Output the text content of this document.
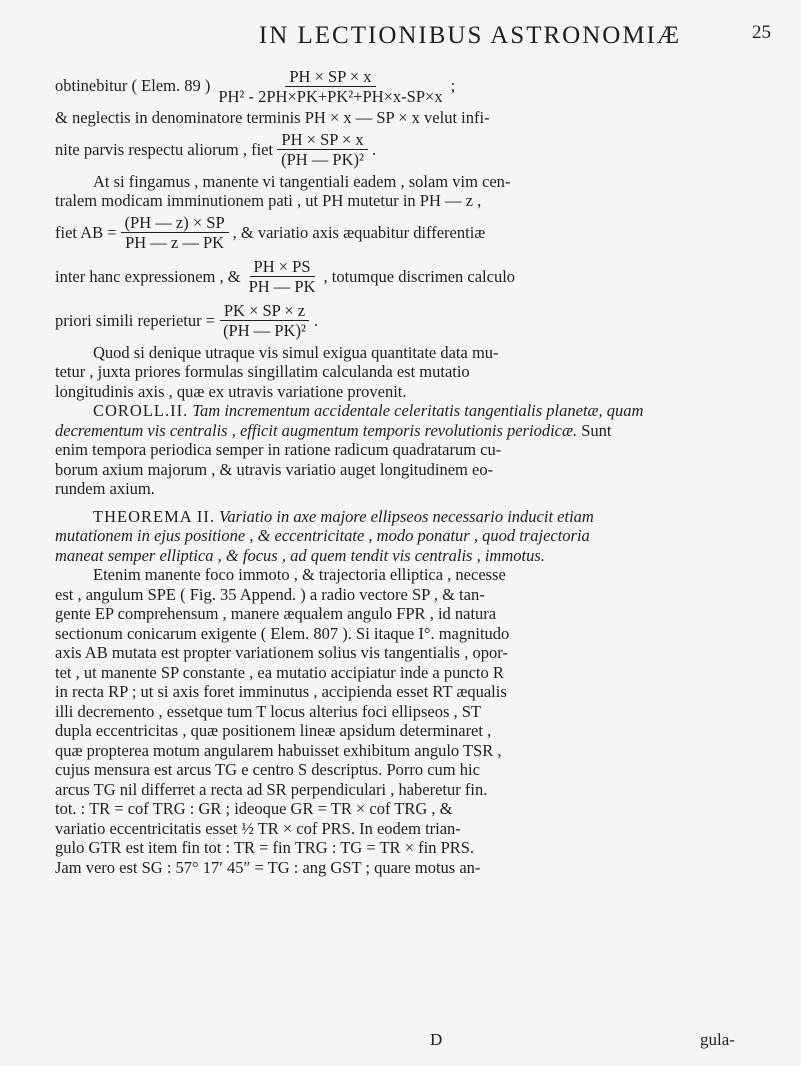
IN LECTIONIBUS ASTRONOMIÆ	25
obtinebitur ( Elem. 89 ) $\frac{PH \times SP \times x}{\text{PH² - 2PH×PK+PK²+PH×x-SP×x}}$ ;
& neglectis in denominatore terminis PH × x — SP × x velut infi-
nite parvis respectu aliorum , fiet $\frac{PH \times SP \times x}{\text{(PH — PK)²}}$ .
At si fingamus , manente vi tangentiali eadem , solam vim cen-
tralem modicam imminutionem pati , ut PH mutetur in PH — z ,
fiet AB = $\frac{(PH — z) \times SP}{PH — z — PK}$ , & variatio axis æquabitur differentiæ
inter hanc expressionem , & $\frac{PH \times PS}{PH — PK}$ , totumque discrimen calculo
priori simili reperietur = $\frac{PK \times SP \times z}{\text{(PH — PK)²}}$ .
Quod si denique utraque vis simul exigua quantitate data mu-
tetur , juxta priores formulas singillatim calculanda est mutatio
longitudinis axis , quæ ex utravis variatione provenit.
COROLL.II. Tam incrementum accidentale celeritatis tangentialis planetæ, quam
decrementum vis centralis , efficit augmentum temporis revolutionis periodicæ. Sunt
enim tempora periodica semper in ratione radicum quadratarum cu-
borum axium majorum , & utravis variatio auget longitudinem eo-
rundem axium.
THEOREMA II. Variatio in axe majore ellipseos necessario inducit etiam
mutationem in ejus positione , & eccentricitate , modo ponatur , quod trajectoria
maneat semper elliptica , & focus , ad quem tendit vis centralis , immotus.
Etenim manente foco immoto , & trajectoria elliptica , necesse
est , angulum SPE ( Fig. 35 Append. ) a radio vectore SP , & tan-
gente EP comprehensum , manere æqualem angulo FPR , id natura
sectionum conicarum exigente ( Elem. 807 ). Si itaque I°. magnitudo
axis AB mutata est propter variationem solius vis tangentialis , opor-
tet , ut manente SP constante , ea mutatio accipiatur inde a puncto R
in recta RP ; ut si axis foret imminutus , accipienda esset RT æqualis
illi decremento , essetque tum T locus alterius foci ellipseos , ST
dupla eccentricitas , quæ positionem lineæ apsidum determinaret ,
quæ propterea motum angularem habuisset exhibitum angulo TSR ,
cujus mensura est arcus TG e centro S descriptus. Porro cum hic
arcus TG nil differret a recta ad SR perpendiculari , haberetur fin.
tot. : TR = cof TRG : GR ; ideoque GR = TR × cof TRG , &
variatio eccentricitatis esset ½ TR × cof PRS. In eodem trian-
gulo GTR est item fin tot : TR = fin TRG : TG = TR × fin PRS.
Jam vero est SG : 57° 17′ 45″ = TG : ang GST ; quare motus an-
D	gula-
